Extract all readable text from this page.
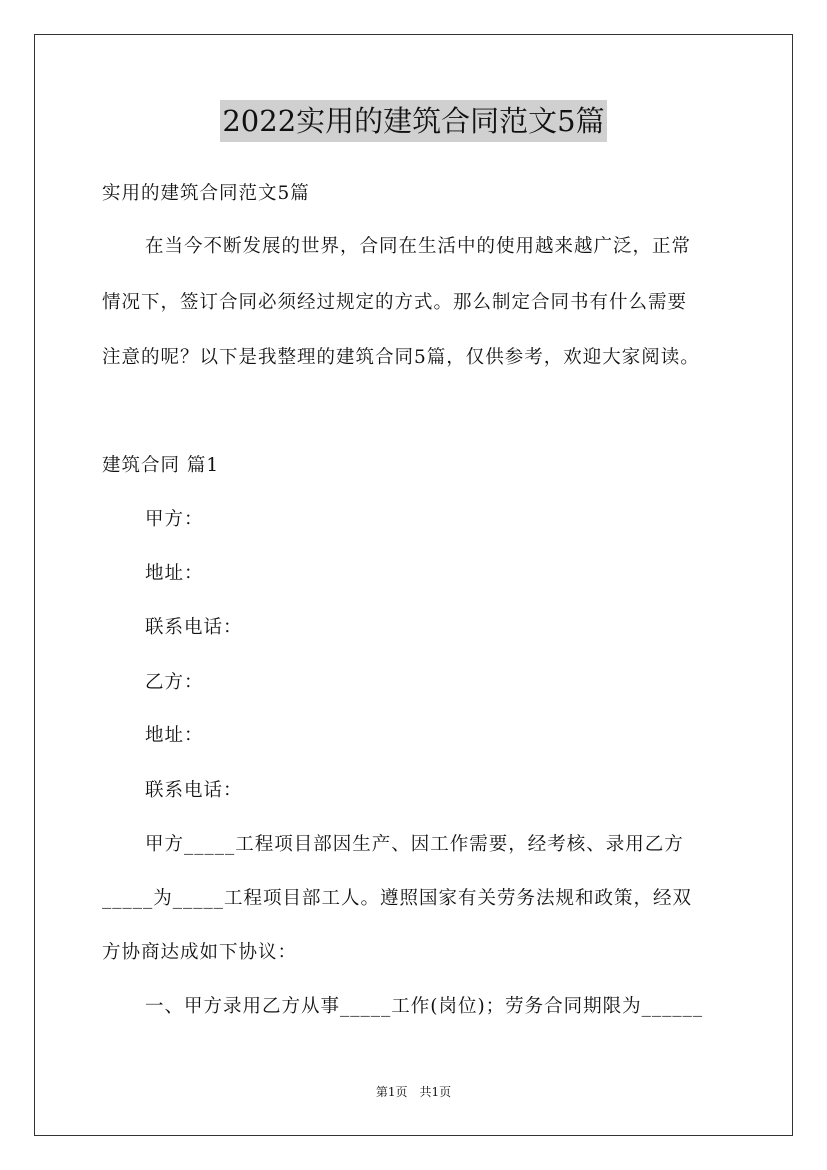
2022实用的建筑合同范文5篇
实用的建筑合同范文5篇
在当今不断发展的世界，合同在生活中的使用越来越广泛，正常
情况下，签订合同必须经过规定的方式。那么制定合同书有什么需要
注意的呢？以下是我整理的建筑合同5篇，仅供参考，欢迎大家阅读。
建筑合同 篇1
甲方：
地址：
联系电话：
乙方：
地址：
联系电话：
甲方_____工程项目部因生产、因工作需要，经考核、录用乙方
_____为_____工程项目部工人。遵照国家有关劳务法规和政策，经双
方协商达成如下协议：
一、甲方录用乙方从事_____工作(岗位)；劳务合同期限为______
第1页　共1页
